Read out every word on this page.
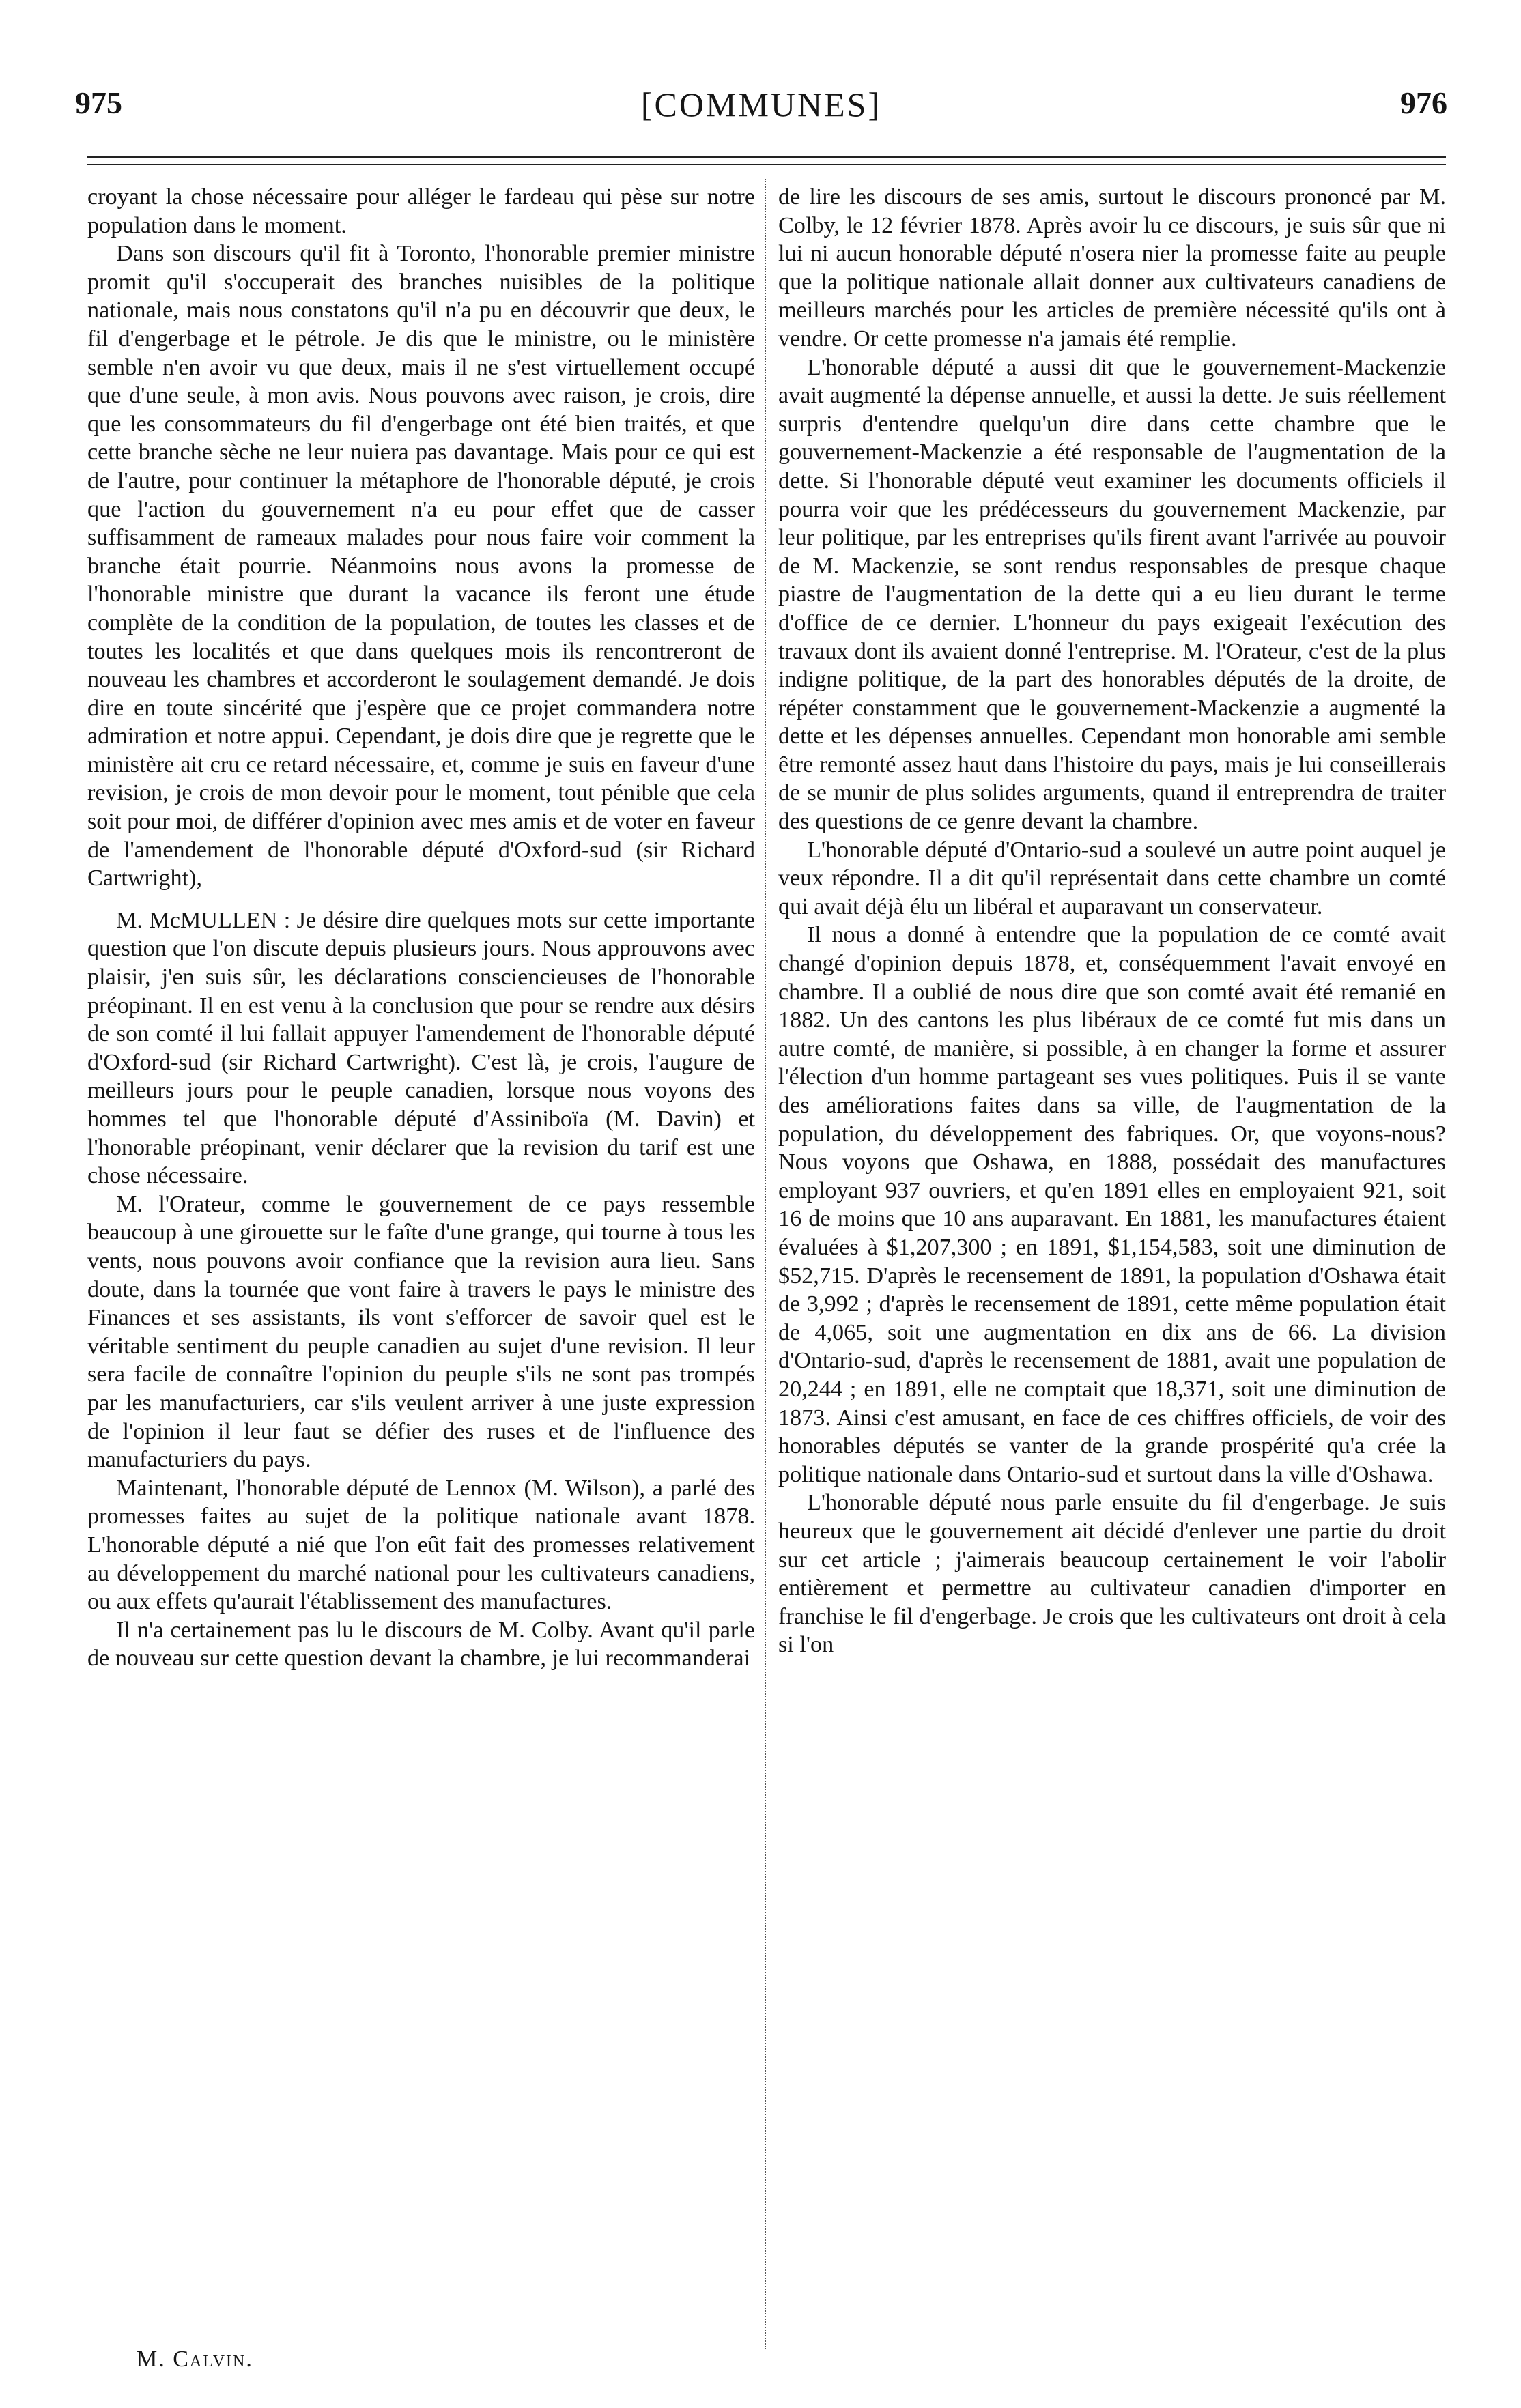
975	[COMMUNES]	976

croyant la chose nécessaire pour alléger le fardeau qui pèse sur notre population dans le moment.

Dans son discours qu'il fit à Toronto, l'honorable premier ministre promit qu'il s'occuperait des branches nuisibles de la politique nationale, mais nous constatons qu'il n'a pu en découvrir que deux, le fil d'engerbage et le pétrole. Je dis que le ministre, ou le ministère semble n'en avoir vu que deux, mais il ne s'est virtuellement occupé que d'une seule, à mon avis. Nous pouvons avec raison, je crois, dire que les consommateurs du fil d'engerbage ont été bien traités, et que cette branche sèche ne leur nuiera pas davantage. Mais pour ce qui est de l'autre, pour continuer la métaphore de l'honorable député, je crois que l'action du gouvernement n'a eu pour effet que de casser suffisamment de rameaux malades pour nous faire voir comment la branche était pourrie. Néanmoins nous avons la promesse de l'honorable ministre que durant la vacance ils feront une étude complète de la condition de la population, de toutes les classes et de toutes les localités et que dans quelques mois ils rencontreront de nouveau les chambres et accorderont le soulagement demandé. Je dois dire en toute sincérité que j'espère que ce projet commandera notre admiration et notre appui. Cependant, je dois dire que je regrette que le ministère ait cru ce retard nécessaire, et, comme je suis en faveur d'une revision, je crois de mon devoir pour le moment, tout pénible que cela soit pour moi, de différer d'opinion avec mes amis et de voter en faveur de l'amendement de l'honorable député d'Oxford-sud (sir Richard Cartwright),

M. McMULLEN : Je désire dire quelques mots sur cette importante question que l'on discute depuis plusieurs jours. Nous approuvons avec plaisir, j'en suis sûr, les déclarations consciencieuses de l'honorable préopinant. Il en est venu à la conclusion que pour se rendre aux désirs de son comté il lui fallait appuyer l'amendement de l'honorable député d'Oxford-sud (sir Richard Cartwright). C'est là, je crois, l'augure de meilleurs jours pour le peuple canadien, lorsque nous voyons des hommes tel que l'honorable député d'Assiniboïa (M. Davin) et l'honorable préopinant, venir déclarer que la revision du tarif est une chose nécessaire.

M. l'Orateur, comme le gouvernement de ce pays ressemble beaucoup à une girouette sur le faîte d'une grange, qui tourne à tous les vents, nous pouvons avoir confiance que la revision aura lieu. Sans doute, dans la tournée que vont faire à travers le pays le ministre des Finances et ses assistants, ils vont s'efforcer de savoir quel est le véritable sentiment du peuple canadien au sujet d'une revision. Il leur sera facile de connaître l'opinion du peuple s'ils ne sont pas trompés par les manufacturiers, car s'ils veulent arriver à une juste expression de l'opinion il leur faut se défier des ruses et de l'influence des manufacturiers du pays.

Maintenant, l'honorable député de Lennox (M. Wilson), a parlé des promesses faites au sujet de la politique nationale avant 1878. L'honorable député a nié que l'on eût fait des promesses relativement au développement du marché national pour les cultivateurs canadiens, ou aux effets qu'aurait l'établissement des manufactures.

Il n'a certainement pas lu le discours de M. Colby. Avant qu'il parle de nouveau sur cette question devant la chambre, je lui recommanderai

de lire les discours de ses amis, surtout le discours prononcé par M. Colby, le 12 février 1878. Après avoir lu ce discours, je suis sûr que ni lui ni aucun honorable député n'osera nier la promesse faite au peuple que la politique nationale allait donner aux cultivateurs canadiens de meilleurs marchés pour les articles de première nécessité qu'ils ont à vendre. Or cette promesse n'a jamais été remplie.

L'honorable député a aussi dit que le gouvernement-Mackenzie avait augmenté la dépense annuelle, et aussi la dette. Je suis réellement surpris d'entendre quelqu'un dire dans cette chambre que le gouvernement-Mackenzie a été responsable de l'augmentation de la dette. Si l'honorable député veut examiner les documents officiels il pourra voir que les prédécesseurs du gouvernement Mackenzie, par leur politique, par les entreprises qu'ils firent avant l'arrivée au pouvoir de M. Mackenzie, se sont rendus responsables de presque chaque piastre de l'augmentation de la dette qui a eu lieu durant le terme d'office de ce dernier. L'honneur du pays exigeait l'exécution des travaux dont ils avaient donné l'entreprise. M. l'Orateur, c'est de la plus indigne politique, de la part des honorables députés de la droite, de répéter constamment que le gouvernement-Mackenzie a augmenté la dette et les dépenses annuelles. Cependant mon honorable ami semble être remonté assez haut dans l'histoire du pays, mais je lui conseillerais de se munir de plus solides arguments, quand il entreprendra de traiter des questions de ce genre devant la chambre.

L'honorable député d'Ontario-sud a soulevé un autre point auquel je veux répondre. Il a dit qu'il représentait dans cette chambre un comté qui avait déjà élu un libéral et auparavant un conservateur.

Il nous a donné à entendre que la population de ce comté avait changé d'opinion depuis 1878, et, conséquemment l'avait envoyé en chambre. Il a oublié de nous dire que son comté avait été remanié en 1882. Un des cantons les plus libéraux de ce comté fut mis dans un autre comté, de manière, si possible, à en changer la forme et assurer l'élection d'un homme partageant ses vues politiques. Puis il se vante des améliorations faites dans sa ville, de l'augmentation de la population, du développement des fabriques. Or, que voyons-nous? Nous voyons que Oshawa, en 1888, possédait des manufactures employant 937 ouvriers, et qu'en 1891 elles en employaient 921, soit 16 de moins que 10 ans auparavant. En 1881, les manufactures étaient évaluées à $1,207,300 ; en 1891, $1,154,583, soit une diminution de $52,715. D'après le recensement de 1891, la population d'Oshawa était de 3,992 ; d'après le recensement de 1891, cette même population était de 4,065, soit une augmentation en dix ans de 66. La division d'Ontario-sud, d'après le recensement de 1881, avait une population de 20,244 ; en 1891, elle ne comptait que 18,371, soit une diminution de 1873. Ainsi c'est amusant, en face de ces chiffres officiels, de voir des honorables députés se vanter de la grande prospérité qu'a crée la politique nationale dans Ontario-sud et surtout dans la ville d'Oshawa.

L'honorable député nous parle ensuite du fil d'engerbage. Je suis heureux que le gouvernement ait décidé d'enlever une partie du droit sur cet article ; j'aimerais beaucoup certainement le voir l'abolir entièrement et permettre au cultivateur canadien d'importer en franchise le fil d'engerbage. Je crois que les cultivateurs ont droit à cela si l'on

M. Calvin.
